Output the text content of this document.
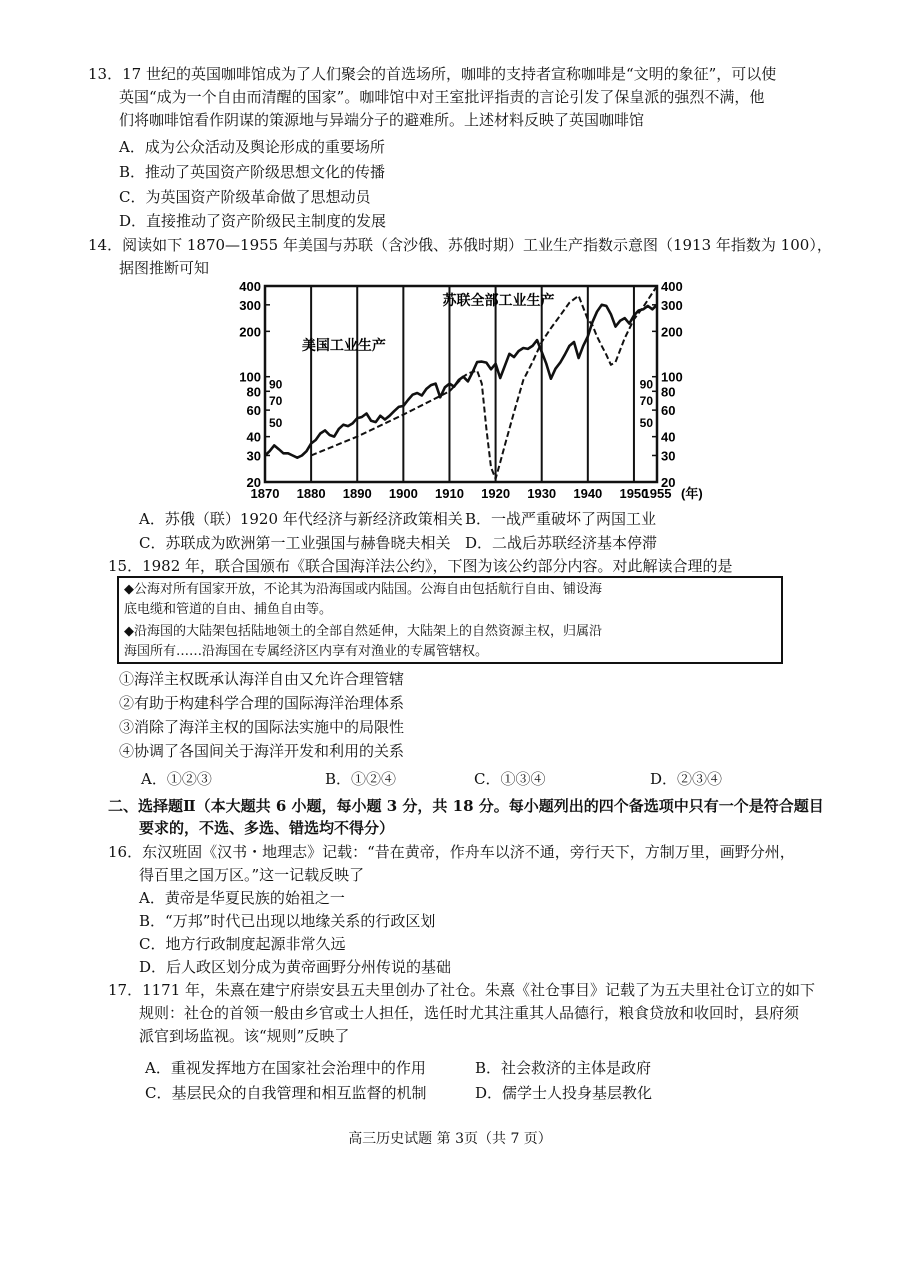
13．17 世纪的英国咖啡馆成为了人们聚会的首选场所，咖啡的支持者宣称咖啡是“文明的象征”，可以使
英国“成为一个自由而清醒的国家”。咖啡馆中对王室批评指责的言论引发了保皇派的强烈不满，他
们将咖啡馆看作阴谋的策源地与异端分子的避难所。上述材料反映了英国咖啡馆
A．成为公众活动及舆论形成的重要场所
B．推动了英国资产阶级思想文化的传播
C．为英国资产阶级革命做了思想动员
D．直接推动了资产阶级民主制度的发展
14．阅读如下 1870—1955 年美国与苏联（含沙俄、苏俄时期）工业生产指数示意图（1913 年指数为 100），
据图推断可知
1870 1880 1890 1900 1910 1920 1930 1940 1950
1955 (年)
400
300
200
100
80
60
40
30
20
400
300
200
100
80
60
40
30
20
90
70
50
90
70
50
美国工业生产
苏联全部工业生产
A．苏俄（联）1920 年代经济与新经济政策相关 B．一战严重破坏了两国工业
C．苏联成为欧洲第一工业强国与赫鲁晓夫相关 D．二战后苏联经济基本停滞
15．1982 年，联合国颁布《联合国海洋法公约》，下图为该公约部分内容。对此解读合理的是
◆公海对所有国家开放，不论其为沿海国或内陆国。公海自由包括航行自由、铺设海
底电缆和管道的自由、捕鱼自由等。
◆沿海国的大陆架包括陆地领土的全部自然延伸，大陆架上的自然资源主权，归属沿
海国所有……沿海国在专属经济区内享有对渔业的专属管辖权。
①海洋主权既承认海洋自由又允许合理管辖
②有助于构建科学合理的国际海洋治理体系
③消除了海洋主权的国际法实施中的局限性
④协调了各国间关于海洋开发和利用的关系
A．①②③	B．①②④	C．①③④	D．②③④
二、选择题Ⅱ（本大题共 6 小题，每小题 3 分，共 18 分。每小题列出的四个备选项中只有一个是符合题目
要求的，不选、多选、错选均不得分）
16．东汉班固《汉书・地理志》记载：“昔在黄帝，作舟车以济不通，旁行天下，方制万里，画野分州，
得百里之国万区。”这一记载反映了
A．黄帝是华夏民族的始祖之一
B．“万邦”时代已出现以地缘关系的行政区划
C．地方行政制度起源非常久远
D．后人政区划分成为黄帝画野分州传说的基础
17．1171 年，朱熹在建宁府崇安县五夫里创办了社仓。朱熹《社仓事目》记载了为五夫里社仓订立的如下
规则：社仓的首领一般由乡官或士人担任，选任时尤其注重其人品德行，粮食贷放和收回时，县府须
派官到场监视。该“规则”反映了
A．重视发挥地方在国家社会治理中的作用	B．社会救济的主体是政府
C．基层民众的自我管理和相互监督的机制	D．儒学士人投身基层教化
高三历史试题 第 3页（共 7 页）
